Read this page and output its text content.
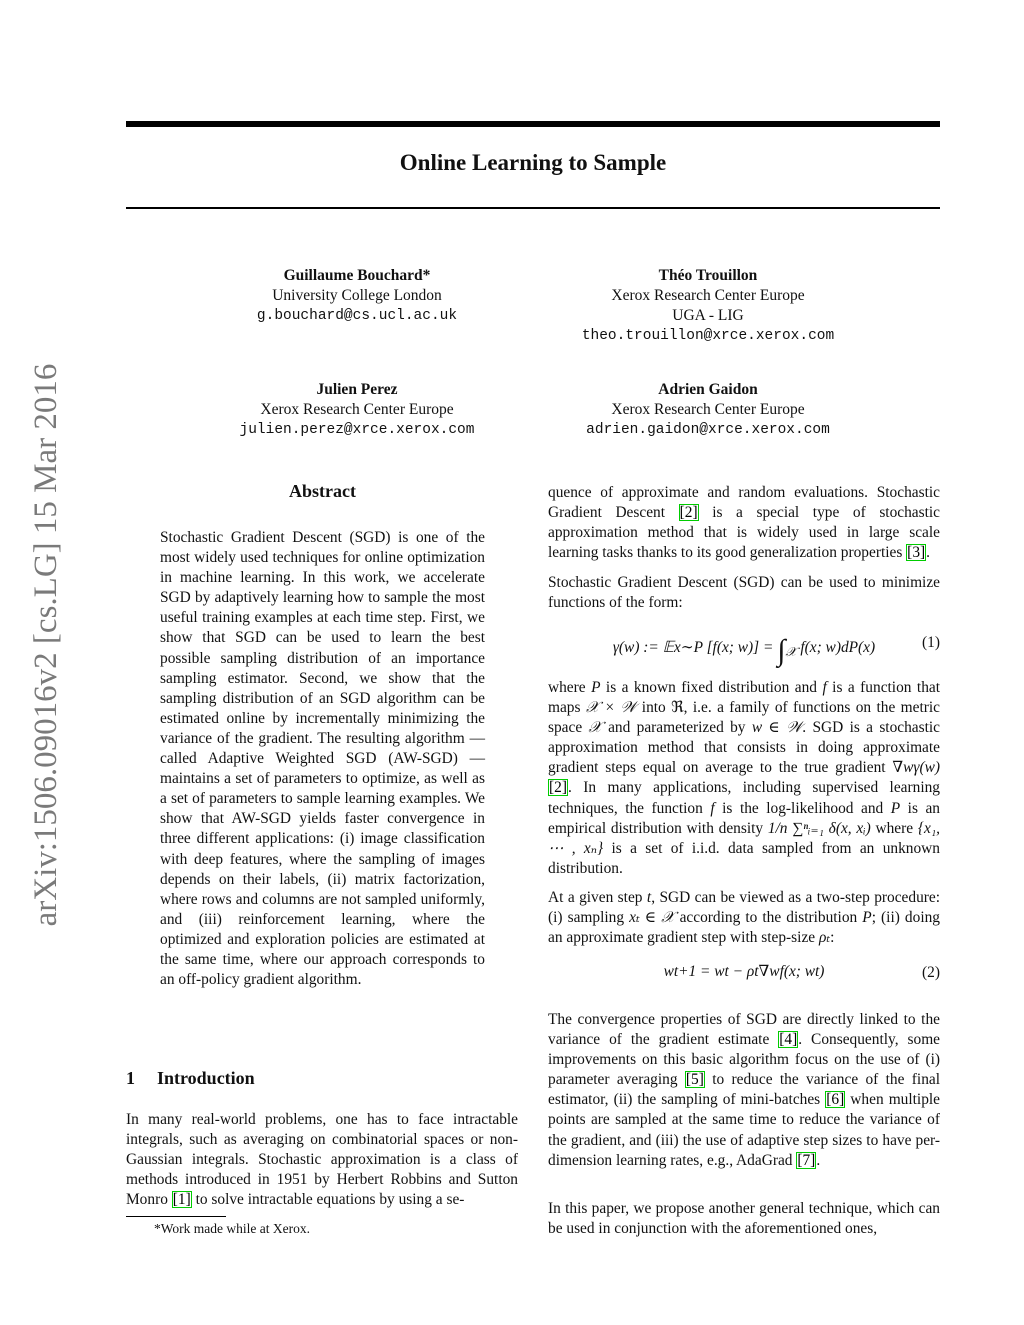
Online Learning to Sample
arXiv:1506.09016v2 [cs.LG] 15 Mar 2016
Guillaume Bouchard*
University College London
g.bouchard@cs.ucl.ac.uk
Théo Trouillon
Xerox Research Center Europe
UGA - LIG
theo.trouillon@xrce.xerox.com
Julien Perez
Xerox Research Center Europe
julien.perez@xrce.xerox.com
Adrien Gaidon
Xerox Research Center Europe
adrien.gaidon@xrce.xerox.com
Abstract
Stochastic Gradient Descent (SGD) is one of the most widely used techniques for online optimization in machine learning. In this work, we accelerate SGD by adaptively learning how to sample the most useful training examples at each time step. First, we show that SGD can be used to learn the best possible sampling distribution of an importance sampling estimator. Second, we show that the sampling distribution of an SGD algorithm can be estimated online by incrementally minimizing the variance of the gradient. The resulting algorithm — called Adaptive Weighted SGD (AW-SGD) — maintains a set of parameters to optimize, as well as a set of parameters to sample learning examples. We show that AW-SGD yields faster convergence in three different applications: (i) image classification with deep features, where the sampling of images depends on their labels, (ii) matrix factorization, where rows and columns are not sampled uniformly, and (iii) reinforcement learning, where the optimized and exploration policies are estimated at the same time, where our approach corresponds to an off-policy gradient algorithm.
1 Introduction
In many real-world problems, one has to face intractable integrals, such as averaging on combinatorial spaces or non-Gaussian integrals. Stochastic approximation is a class of methods introduced in 1951 by Herbert Robbins and Sutton Monro [1] to solve intractable equations by using a se-
*Work made while at Xerox.
quence of approximate and random evaluations. Stochastic Gradient Descent [2] is a special type of stochastic approximation method that is widely used in large scale learning tasks thanks to its good generalization properties [3].
Stochastic Gradient Descent (SGD) can be used to minimize functions of the form:
γ(w) := 𝔼x∼P [f(x; $w)] = \int_𝒳$ f(x; w)dP(x)	(1)
where P is a known fixed distribution and f is a function that maps 𝒳 × 𝒲 into ℜ, i.e. a family of functions on the metric space 𝒳 and parameterized by w ∈ 𝒲. SGD is a stochastic approximation method that consists in doing approximate gradient steps equal on average to the true gradient ∇wγ(w) [2]. In many applications, including supervised learning techniques, the function f is the log-likelihood and P is an empirical distribution with density 1/n ∑ⁿᵢ₌₁ δ(x, xᵢ) where {x₁, ⋯ , xₙ} is a set of i.i.d. data sampled from an unknown distribution.
At a given step t, SGD can be viewed as a two-step procedure: (i) sampling xₜ ∈ 𝒳 according to the distribution P; (ii) doing an approximate gradient step with step-size ρₜ:
wt+1 = wt − ρt∇wf(x; wt)	(2)
The convergence properties of SGD are directly linked to the variance of the gradient estimate [4]. Consequently, some improvements on this basic algorithm focus on the use of (i) parameter averaging [5] to reduce the variance of the final estimator, (ii) the sampling of mini-batches [6] when multiple points are sampled at the same time to reduce the variance of the gradient, and (iii) the use of adaptive step sizes to have per-dimension learning rates, e.g., AdaGrad [7].
In this paper, we propose another general technique, which can be used in conjunction with the aforementioned ones,
